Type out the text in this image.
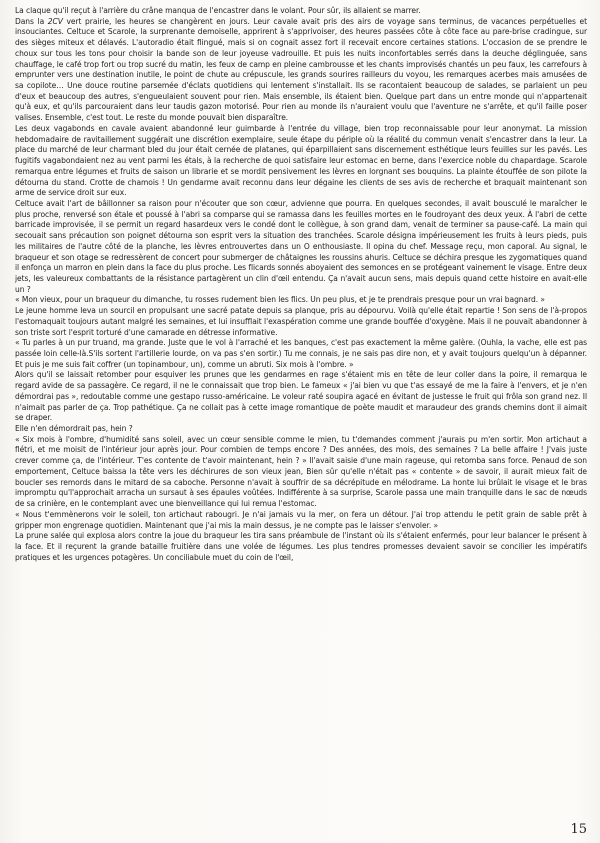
La claque qu'il reçut à l'arrière du crâne manqua de l'encastrer dans le volant. Pour sûr, ils allaient se marrer.

Dans la 2CV vert prairie, les heures se changèrent en jours. Leur cavale avait pris des airs de voyage sans terminus, de vacances perpétuelles et insouciantes. Celtuce et Scarole, la surprenante demoiselle, apprirent à s'apprivoiser, des heures passées côte à côte face au pare-brise cradingue, sur des sièges miteux et délavés. L'autoradio était flingué, mais si on cognait assez fort il recevait encore certaines stations. L'occasion de se prendre le choux sur tous les tons pour choisir la bande son de leur joyeuse vadrouille. Et puis les nuits inconfortables serrés dans la deuche déglinguée, sans chauffage, le café trop fort ou trop sucré du matin, les feux de camp en pleine cambrousse et les chants improvisés chantés un peu faux, les carrefours à emprunter vers une destination inutile, le point de chute au crépuscule, les grands sourires railleurs du voyou, les remarques acerbes mais amusées de sa copilote… Une douce routine parsemée d'éclats quotidiens qui lentement s'installait. Ils se racontaient beaucoup de salades, se parlaient un peu d'eux et beaucoup des autres, s'engueulaient souvent pour rien. Mais ensemble, ils étaient bien. Quelque part dans un entre monde qui n'appartenait qu'à eux, et qu'ils parcouraient dans leur taudis gazon motorisé. Pour rien au monde ils n'auraient voulu que l'aventure ne s'arrête, et qu'il faille poser valises. Ensemble, c'est tout. Le reste du monde pouvait bien disparaître.

Les deux vagabonds en cavale avaient abandonné leur guimbarde à l'entrée du village, bien trop reconnaissable pour leur anonymat. La mission hebdomadaire de ravitaillement suggérait une discrétion exemplaire, seule étape du périple où la réalité du commun venait s'encastrer dans la leur. La place du marché de leur charmant bled du jour était cernée de platanes, qui éparpillaient sans discernement esthétique leurs feuilles sur les pavés. Les fugitifs vagabondaient nez au vent parmi les étals, à la recherche de quoi satisfaire leur estomac en berne, dans l'exercice noble du chapardage. Scarole remarqua entre légumes et fruits de saison un librarie et se mordit pensivement les lèvres en lorgnant ses bouquins. La plainte étouffée de son pilote la détourna du stand. Crotte de chamois ! Un gendarme avait reconnu dans leur dégaine les clients de ses avis de recherche et braquait maintenant son arme de service droit sur eux.

Celtuce avait l'art de bâillonner sa raison pour n'écouter que son cœur, advienne que pourra. En quelques secondes, il avait bousculé le maraîcher le plus proche, renversé son étale et poussé à l'abri sa comparse qui se ramassa dans les feuilles mortes en le foudroyant des deux yeux. À l'abri de cette barricade improvisée, il se permit un regard hasardeux vers le condé dont le collègue, à son grand dam, venait de terminer sa pause-café. La main qui secouait sans précaution son poignet détourna son esprit vers la situation des tranchées. Scarole désigna impérieusement les fruits à leurs pieds, puis les militaires de l'autre côté de la planche, les lèvres entrouvertes dans un O enthousiaste. Il opina du chef. Message reçu, mon caporal. Au signal, le braqueur et son otage se redressèrent de concert pour submerger de châtaignes les roussins ahuris. Celtuce se déchira presque les zygomatiques quand il enfonça un marron en plein dans la face du plus proche. Les flicards sonnés aboyaient des semonces en se protégeant vainement le visage. Entre deux jets, les valeureux combattants de la résistance partagèrent un clin d'œil entendu. Ça n'avait aucun sens, mais depuis quand cette histoire en avait-elle un ?

« Mon vieux, pour un braqueur du dimanche, tu rosses rudement bien les flics. Un peu plus, et je te prendrais presque pour un vrai bagnard. »

Le jeune homme leva un sourcil en propulsant une sacré patate depuis sa planque, pris au dépourvu. Voilà qu'elle était repartie ! Son sens de l'à-propos l'estomaquait toujours autant malgré les semaines, et lui insufflait l'exaspération comme une grande bouffée d'oxygène. Mais il ne pouvait abandonner à son triste sort l'esprit torturé d'une camarade en détresse informative.

« Tu parles à un pur truand, ma grande. Juste que le vol à l'arraché et les banques, c'est pas exactement la même galère. (Ouhla, la vache, elle est pas passée loin celle-là.S'ils sortent l'artillerie lourde, on va pas s'en sortir.) Tu me connais, je ne sais pas dire non, et y avait toujours quelqu'un à dépanner. Et puis je me suis fait coffrer (un topinambour, un), comme un abruti. Six mois à l'ombre. »

Alors qu'il se laissait retomber pour esquiver les prunes que les gendarmes en rage s'étaient mis en tête de leur coller dans la poire, il remarqua le regard avide de sa passagère. Ce regard, il ne le connaissait que trop bien. Le fameux « j'ai bien vu que t'as essayé de me la faire à l'envers, et je n'en démordrai pas », redoutable comme une gestapo russo-américaine. Le voleur raté soupira agacé en évitant de justesse le fruit qui frôla son grand nez. Il n'aimait pas parler de ça. Trop pathétique. Ça ne collait pas à cette image romantique de poète maudit et maraudeur des grands chemins dont il aimait se draper.

Elle n'en démordrait pas, hein ?

« Six mois à l'ombre, d'humidité sans soleil, avec un cœur sensible comme le mien, tu t'demandes comment j'aurais pu m'en sortir. Mon artichaut a flétri, et me moisit de l'intérieur jour après jour. Pour combien de temps encore ? Des années, des mois, des semaines ? La belle affaire ! J'vais juste crever comme ça, de l'intérieur. T'es contente de t'avoir maintenant, hein ? » Il'avait saisie d'une main rageuse, qui retomba sans force. Penaud de son emportement, Celtuce baissa la tête vers les déchirures de son vieux jean, Bien sûr qu'elle n'était pas « contente » de savoir, il aurait mieux fait de boucler ses remords dans le mitard de sa caboche. Personne n'avait à souffrir de sa décrépitude en mélodrame. La honte lui brûlait le visage et le bras impromptu qu'l'approchait arracha un sursaut à ses épaules voûtées. Indifférente à sa surprise, Scarole passa une main tranquille dans le sac de nœuds de sa crinière, en le contemplant avec une bienveillance qui lui remua l'estomac.

« Nous t'emmènerons voir le soleil, ton artichaut rabougri. Je n'ai jamais vu la mer, on fera un détour. J'ai trop attendu le petit grain de sable prêt à gripper mon engrenage quotidien. Maintenant que j'ai mis la main dessus, je ne compte pas le laisser s'envoler. »

La prune salée qui explosa alors contre la joue du braqueur les tira sans préambule de l'instant où ils s'étaient enfermés, pour leur balancer le présent à la face. Et il reçurent la grande bataille fruitière dans une volée de légumes. Les plus tendres promesses devaient savoir se concilier les impératifs pratiques et les urgences potagères. Un conciliabule muet du coin de l'œil,

15
